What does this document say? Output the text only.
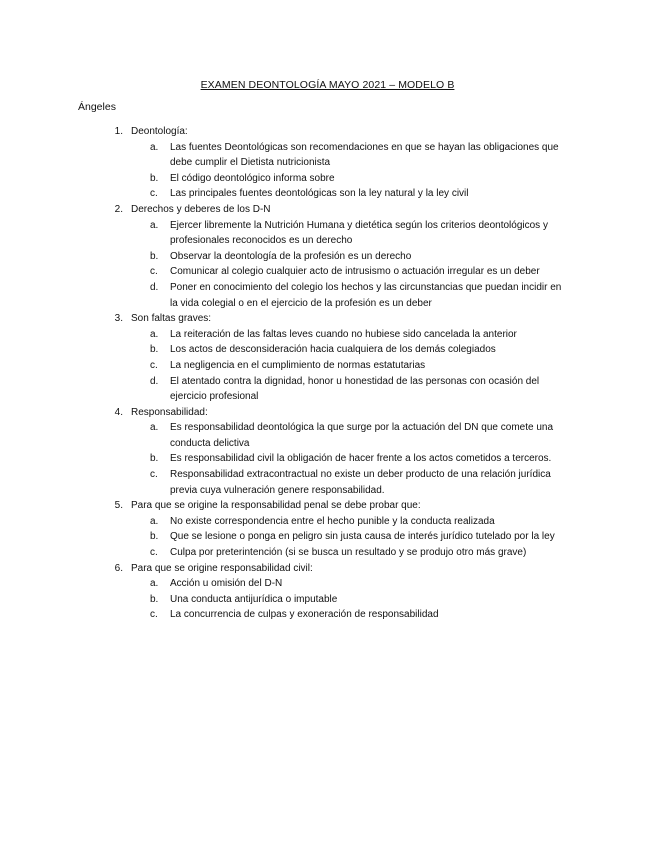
EXAMEN DEONTOLOGÍA MAYO 2021 – MODELO B
Ángeles
1. Deontología:
a. Las fuentes Deontológicas son recomendaciones en que se hayan las obligaciones que debe cumplir el Dietista nutricionista
b. El código deontológico informa sobre
c. Las principales fuentes deontológicas son la ley natural y la ley civil
2. Derechos y deberes de los D-N
a. Ejercer libremente la Nutrición Humana y dietética según los criterios deontológicos y profesionales reconocidos es un derecho
b. Observar la deontología de la profesión es un derecho
c. Comunicar al colegio cualquier acto de intrusismo o actuación irregular es un deber
d. Poner en conocimiento del colegio los hechos y las circunstancias que puedan incidir en la vida colegial o en el ejercicio de la profesión es un deber
3. Son faltas graves:
a. La reiteración de las faltas leves cuando no hubiese sido cancelada la anterior
b. Los actos de desconsideración hacia cualquiera de los demás colegiados
c. La negligencia en el cumplimiento de normas estatutarias
d. El atentado contra la dignidad, honor u honestidad de las personas con ocasión del ejercicio profesional
4. Responsabilidad:
a. Es responsabilidad deontológica la que surge por la actuación del DN que comete una conducta delictiva
b. Es responsabilidad civil la obligación de hacer frente a los actos cometidos a terceros.
c. Responsabilidad extracontractual no existe un deber producto de una relación jurídica previa cuya vulneración genere responsabilidad.
5. Para que se origine la responsabilidad penal se debe probar que:
a. No existe correspondencia entre el hecho punible y la conducta realizada
b. Que se lesione o ponga en peligro sin justa causa de interés jurídico tutelado por la ley
c. Culpa por preterintención (si se busca un resultado y se produjo otro más grave)
6. Para que se origine responsabilidad civil:
a. Acción u omisión del D-N
b. Una conducta antijurídica o imputable
c. La concurrencia de culpas y exoneración de responsabilidad
